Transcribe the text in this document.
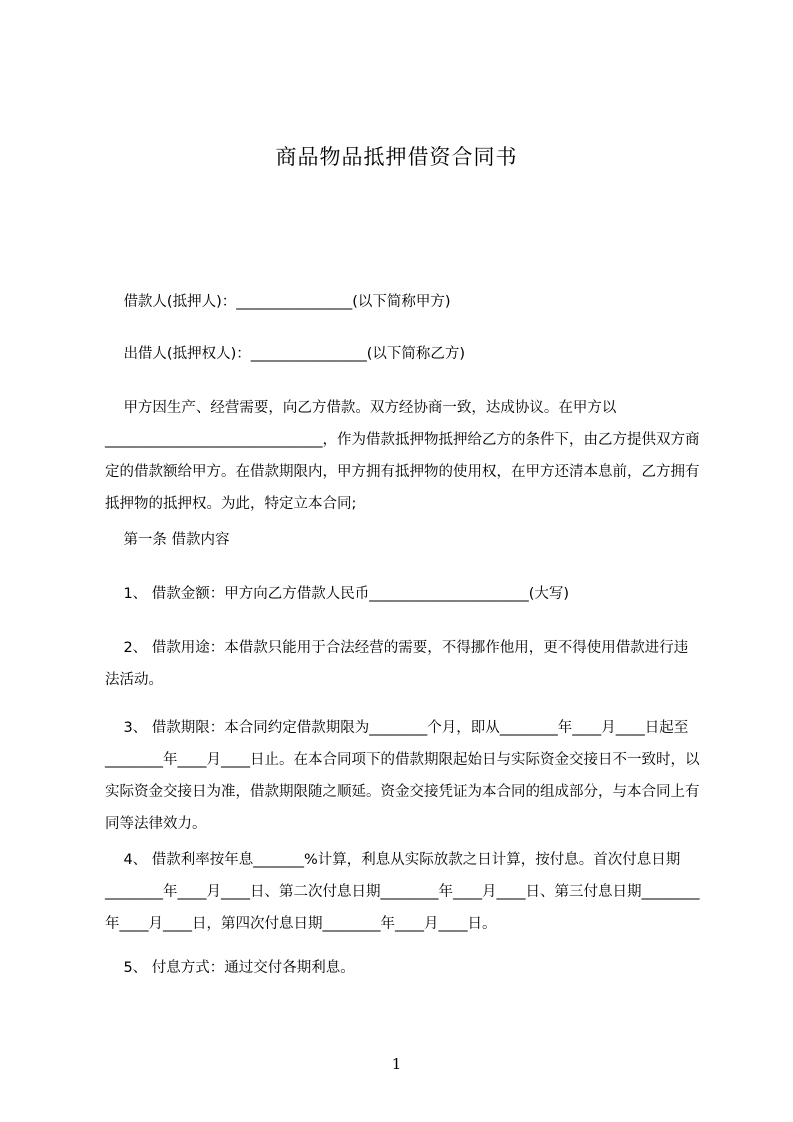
商品物品抵押借资合同书

借款人(抵押人)：________________(以下简称甲方)

出借人(抵押权人)：________________(以下简称乙方)

甲方因生产、经营需要，向乙方借款。双方经协商一致，达成协议。在甲方以______________________________，作为借款抵押物抵押给乙方的条件下，由乙方提供双方商定的借款额给甲方。在借款期限内，甲方拥有抵押物的使用权，在甲方还清本息前，乙方拥有抵押物的抵押权。为此，特定立本合同;

第一条 借款内容

1、 借款金额：甲方向乙方借款人民币______________________(大写)

2、 借款用途：本借款只能用于合法经营的需要，不得挪作他用，更不得使用借款进行违法活动。

3、 借款期限：本合同约定借款期限为________个月，即从________年____月____日起至________年____月____日止。在本合同项下的借款期限起始日与实际资金交接日不一致时，以实际资金交接日为准，借款期限随之顺延。资金交接凭证为本合同的组成部分，与本合同上有同等法律效力。

4、 借款利率按年息_______%计算，利息从实际放款之日计算，按付息。首次付息日期________年____月____日、第二次付息日期________年____月____日、第三付息日期________年____月____日，第四次付息日期________年____月____日。

5、 付息方式：通过交付各期利息。

1
